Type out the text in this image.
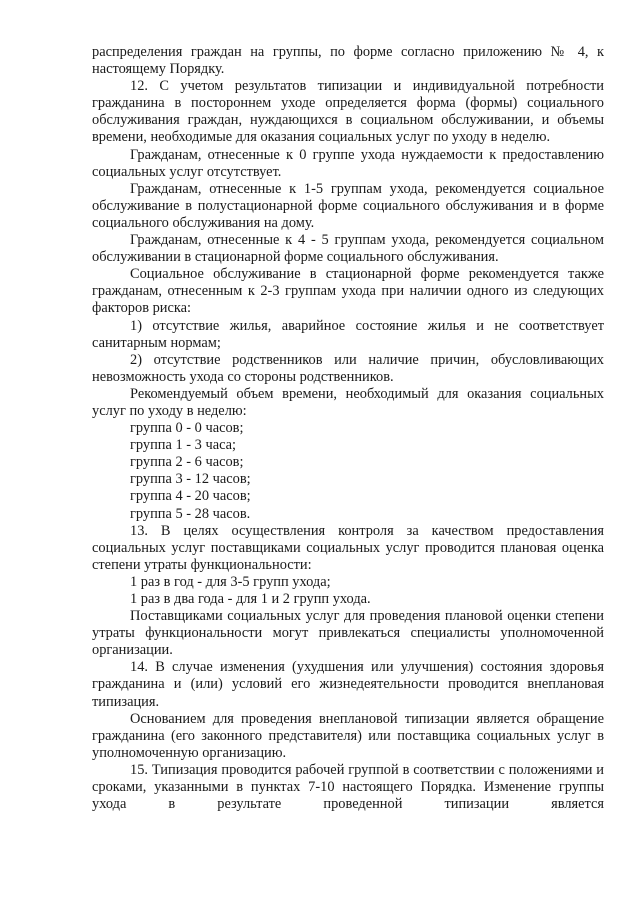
распределения граждан на группы, по форме согласно приложению № 4, к настоящему Порядку.

12. С учетом результатов типизации и индивидуальной потребности гражданина в постороннем уходе определяется форма (формы) социального обслуживания граждан, нуждающихся в социальном обслуживании, и объемы времени, необходимые для оказания социальных услуг по уходу в неделю.

Гражданам, отнесенные к 0 группе ухода нуждаемости к предоставлению социальных услуг отсутствует.

Гражданам, отнесенные к 1-5 группам ухода, рекомендуется социальное обслуживание в полустационарной форме социального обслуживания и в форме социального обслуживания на дому.

Гражданам, отнесенные к 4 - 5 группам ухода, рекомендуется социальном обслуживании в стационарной форме социального обслуживания.

Социальное обслуживание в стационарной форме рекомендуется также гражданам, отнесенным к 2-3 группам ухода при наличии одного из следующих факторов риска:

1) отсутствие жилья, аварийное состояние жилья и не соответствует санитарным нормам;

2) отсутствие родственников или наличие причин, обусловливающих невозможность ухода со стороны родственников.

Рекомендуемый объем времени, необходимый для оказания социальных услуг по уходу в неделю:

группа 0 - 0 часов;

группа 1 - 3 часа;

группа 2 - 6 часов;

группа 3 - 12 часов;

группа 4 - 20 часов;

группа 5 - 28 часов.

13. В целях осуществления контроля за качеством предоставления социальных услуг поставщиками социальных услуг проводится плановая оценка степени утраты функциональности:

1 раз в год - для 3-5 групп ухода;

1 раз в два года - для 1 и 2 групп ухода.

Поставщиками социальных услуг для проведения плановой оценки степени утраты функциональности могут привлекаться специалисты уполномоченной организации.

14. В случае изменения (ухудшения или улучшения) состояния здоровья гражданина и (или) условий его жизнедеятельности проводится внеплановая типизация.

Основанием для проведения внеплановой типизации является обращение гражданина (его законного представителя) или поставщика социальных услуг в уполномоченную организацию.

15. Типизация проводится рабочей группой в соответствии с положениями и сроками, указанными в пунктах 7-10 настоящего Порядка. Изменение группы ухода в результате проведенной типизации является
